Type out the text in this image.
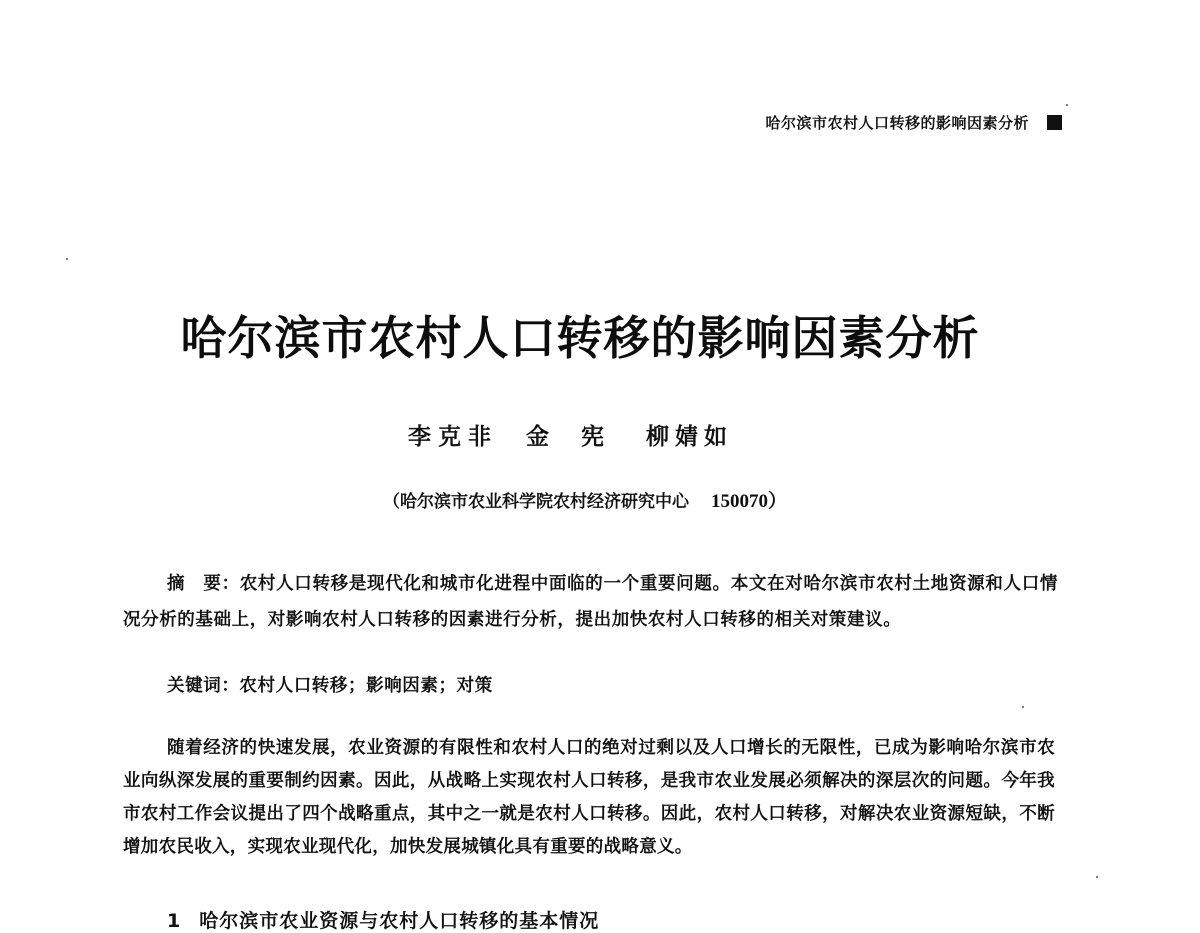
哈尔滨市农村人口转移的影响因素分析
哈尔滨市农村人口转移的影响因素分析
李克非 金宪 柳婧如
（哈尔滨市农业科学院农村经济研究中心 150070）
摘　要：农村人口转移是现代化和城市化进程中面临的一个重要问题。本文在对哈尔滨市农村土地资源和人口情况分析的基础上，对影响农村人口转移的因素进行分析，提出加快农村人口转移的相关对策建议。
关键词：农村人口转移；影响因素；对策
随着经济的快速发展，农业资源的有限性和农村人口的绝对过剩以及人口增长的无限性，已成为影响哈尔滨市农业向纵深发展的重要制约因素。因此，从战略上实现农村人口转移，是我市农业发展必须解决的深层次的问题。今年我市农村工作会议提出了四个战略重点，其中之一就是农村人口转移。因此，农村人口转移，对解决农业资源短缺，不断增加农民收入，实现农业现代化，加快发展城镇化具有重要的战略意义。
1 哈尔滨市农业资源与农村人口转移的基本情况
